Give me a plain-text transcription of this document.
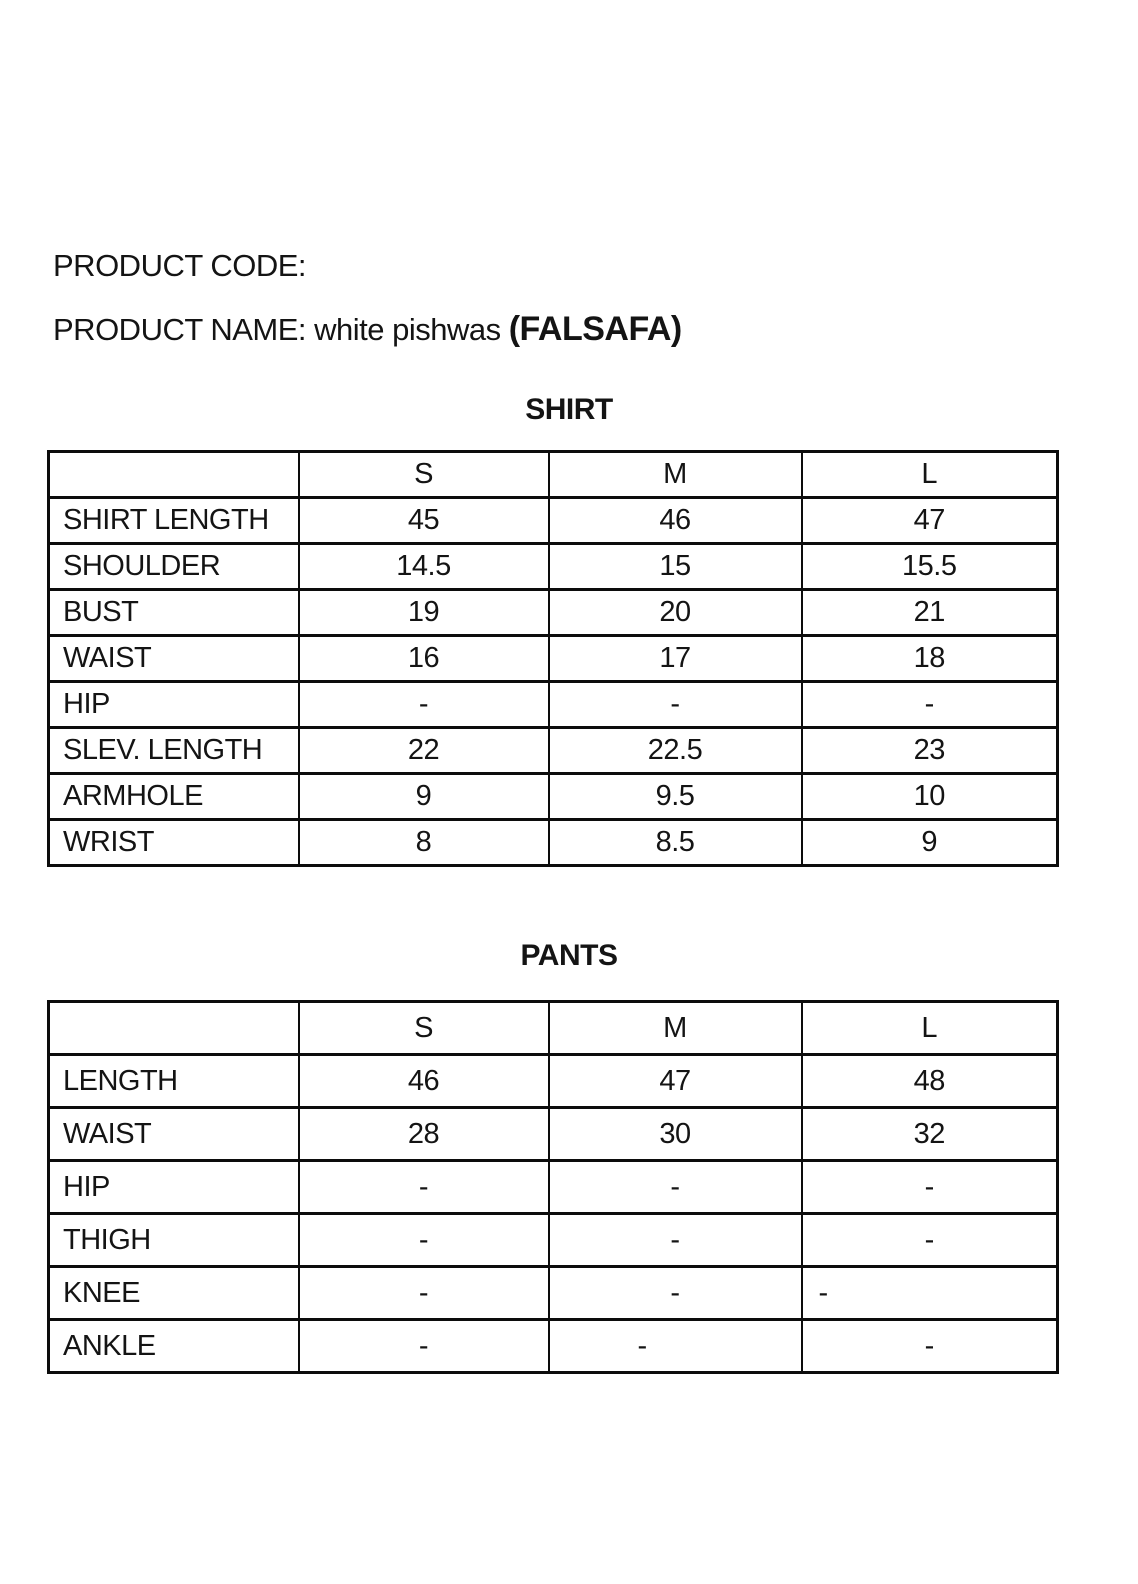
PRODUCT CODE:

PRODUCT NAME: white pishwas (FALSAFA)

SHIRT
	S	M	L
SHIRT LENGTH	45	46	47
SHOULDER	14.5	15	15.5
BUST	19	20	21
WAIST	16	17	18
HIP	-	-	-
SLEV. LENGTH	22	22.5	23
ARMHOLE	9	9.5	10
WRIST	8	8.5	9
PANTS
	S	M	L
LENGTH	46	47	48
WAIST	28	30	32
HIP	-	-	-
THIGH	-	-	-
KNEE	-	-	-
ANKLE	-	-	-
